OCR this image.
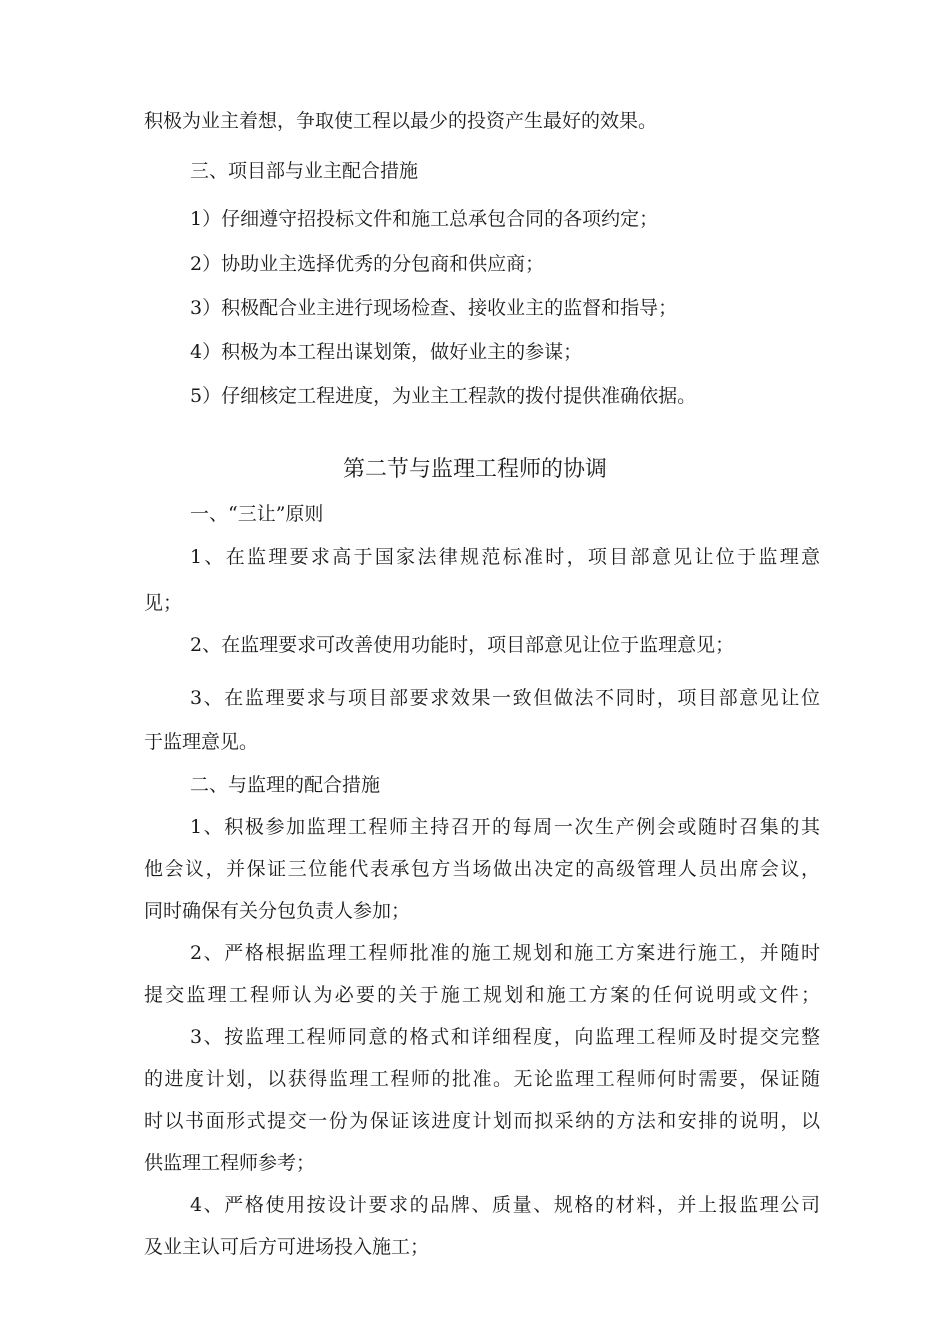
积极为业主着想，争取使工程以最少的投资产生最好的效果。

三、项目部与业主配合措施

1）仔细遵守招投标文件和施工总承包合同的各项约定；

2）协助业主选择优秀的分包商和供应商；

3）积极配合业主进行现场检查、接收业主的监督和指导；

4）积极为本工程出谋划策，做好业主的参谋；

5）仔细核定工程进度，为业主工程款的拨付提供准确依据。

第二节与监理工程师的协调

一、“三让”原则

1、在监理要求高于国家法律规范标准时，项目部意见让位于监理意

见；

2、在监理要求可改善使用功能时，项目部意见让位于监理意见；

3、在监理要求与项目部要求效果一致但做法不同时，项目部意见让位

于监理意见。

二、与监理的配合措施

1、积极参加监理工程师主持召开的每周一次生产例会或随时召集的其

他会议，并保证三位能代表承包方当场做出决定的高级管理人员出席会议，

同时确保有关分包负责人参加；

2、严格根据监理工程师批准的施工规划和施工方案进行施工，并随时

提交监理工程师认为必要的关于施工规划和施工方案的任何说明或文件；

3、按监理工程师同意的格式和详细程度，向监理工程师及时提交完整

的进度计划，以获得监理工程师的批准。无论监理工程师何时需要，保证随

时以书面形式提交一份为保证该进度计划而拟采纳的方法和安排的说明，以

供监理工程师参考；

4、严格使用按设计要求的品牌、质量、规格的材料，并上报监理公司

及业主认可后方可进场投入施工；
